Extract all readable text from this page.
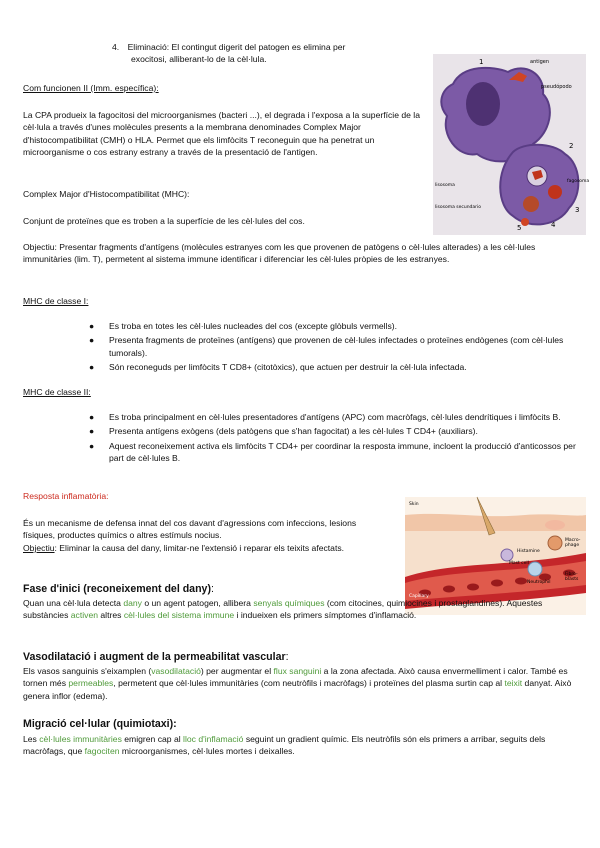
4. Eliminació: El contingut digerit del patogen es elimina per
exocitosi, alliberant-lo de la cèl·lula.	1	antigen
pseudópodo
2
lisosoma
lisosoma secundario
fagosoma
3
4
5
Com funcionen II (Imm. específica):

La CPA produeix la fagocitosi del microorganismes (bacteri ...), el degrada i l'exposa a la superfície de la cèl·lula a través d'unes molècules presents a la membrana denominades Complex Major d'histocompatibilitat (CMH) o HLA. Permet que els limfòcits T reconeguin que ha penetrat un microorganisme o cos estrany estrany a través de la presentació de l'antigen.

Complex Major d'Histocompatibilitat (MHC):

Conjunt de proteïnes que es troben a la superfície de les cèl·lules del cos.

Objectiu: Presentar fragments d'antígens (molècules estranyes com les que provenen de patògens o cèl·lules alterades) a les cèl·lules immunitàries (lim. T), permetent al sistema immune identificar i diferenciar les cèl·lules pròpies de les estranyes.

MHC de classe I:
● Es troba en totes les cèl·lules nucleades del cos (excepte glòbuls vermells).
● Presenta fragments de proteïnes (antígens) que provenen de cèl·lules infectades o proteïnes endògenes (com cèl·lules tumorals).
● Són reconeguds per limfòcits T CD8+ (citotòxics), que actuen per destruir la cèl·lula infectada.
MHC de classe II:
● Es troba principalment en cèl·lules presentadores d'antígens (APC) com macròfags, cèl·lules dendrítiques i limfòcits B.
● Presenta antígens exògens (dels patògens que s'han fagocitat) a les cèl·lules T CD4+ (auxiliars).
● Aquest reconeixement activa els limfòcits T CD4+ per coordinar la resposta immune, incloent la producció d'anticossos per part de cèl·lules B.
Resposta inflamatòria:

És un mecanisme de defensa innat del cos davant d'agressions com infeccions, lesions físiques, productes químics o altres estímuls nocius.

Objectiu: Eliminar la causa del dany, limitar-ne l'extensió i reparar els teixits afectats.

Skin
Histamine
Mast cell
Neutrophil
Capillary
Fibro-blasts
Macro-phage
Fase d'inici (reconeixement del dany):

Quan una cèl·lula detecta dany o un agent patogen, allibera senyals químiques (com citocines, quimiocines i prostaglandines). Aquestes substàncies activen altres cèl·lules del sistema immune i indueixen els primers símptomes d'inflamació.

Vasodilatació i augment de la permeabilitat vascular:

Els vasos sanguinis s'eixamplen (vasodilatació) per augmentar el flux sanguini a la zona afectada. Això causa envermelliment i calor. També es tornen més permeables, permetent que cèl·lules immunitàries (com neutròfils i macròfags) i proteïnes del plasma surtin cap al teixit danyat. Això genera inflor (edema).

Migració cel·lular (quimiotaxi):

Les cèl·lules immunitàries emigren cap al lloc d'inflamació seguint un gradient químic. Els neutròfils són els primers a arribar, seguits dels macròfags, que fagociten microorganismes, cèl·lules mortes i deixalles.
